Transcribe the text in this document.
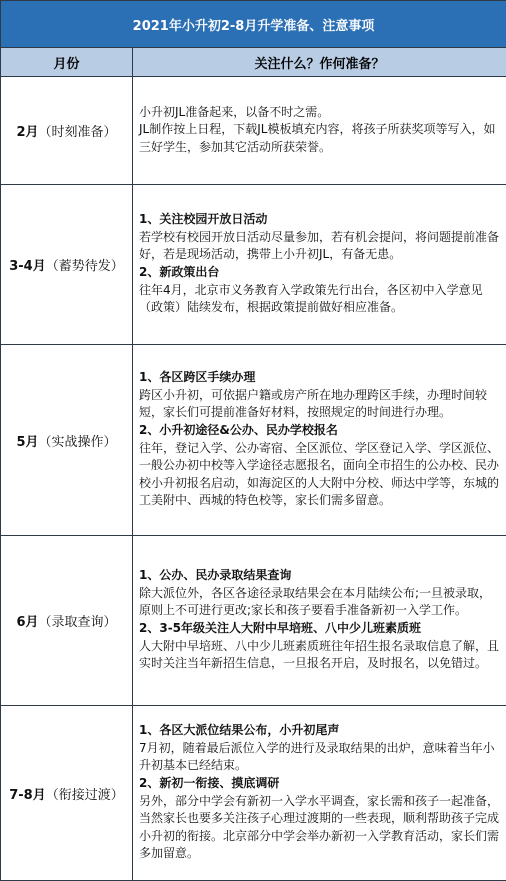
2021年小升初2-8月升学准备、注意事项	
月份	关注什么？作何准备？
2月（时刻准备）	小升初JL准备起来，以备不时之需。
JL制作按上日程，下载JL模板填充内容，将孩子所获奖项等写入，如三好学生，参加其它活动所获荣誉。

3-4月（蓄势待发）	1、关注校园开放日活动
若学校有校园开放日活动尽量参加，若有机会提问，将问题提前准备好，若是现场活动，携带上小升初JL，有备无患。
2、新政策出台
往年4月，北京市义务教育入学政策先行出台，各区初中入学意见（政策）陆续发布，根据政策提前做好相应准备。

5月（实战操作）	1、各区跨区手续办理
跨区小升初，可依据户籍或房产所在地办理跨区手续，办理时间较短，家长们可提前准备好材料，按照规定的时间进行办理。
2、小升初途径&公办、民办学校报名
往年，登记入学、公办寄宿、全区派位、学区登记入学、学区派位、一般公办初中校等入学途径志愿报名，面向全市招生的公办校、民办校小升初报名启动，如海淀区的人大附中分校、师达中学等，东城的工美附中、西城的特色校等，家长们需多留意。

6月（录取查询）	1、公办、民办录取结果查询
除大派位外，各区各途径录取结果会在本月陆续公布;一旦被录取，原则上不可进行更改;家长和孩子要看手准备新初一入学工作。
2、3-5年级关注人大附中早培班、八中少儿班素质班
人大附中早培班、八中少儿班素质班往年招生报名录取信息了解，且实时关注当年新招生信息，一旦报名开启，及时报名，以免错过。

7-8月（衔接过渡）	1、各区大派位结果公布，小升初尾声
7月初，随着最后派位入学的进行及录取结果的出炉，意味着当年小升初基本已经结束。
2、新初一衔接、摸底调研
另外，部分中学会有新初一入学水平调查，家长需和孩子一起准备，当然家长也要多关注孩子心理过渡期的一些表现，顺利帮助孩子完成小升初的衔接。北京部分中学会举办新初一入学教育活动，家长们需多加留意。
